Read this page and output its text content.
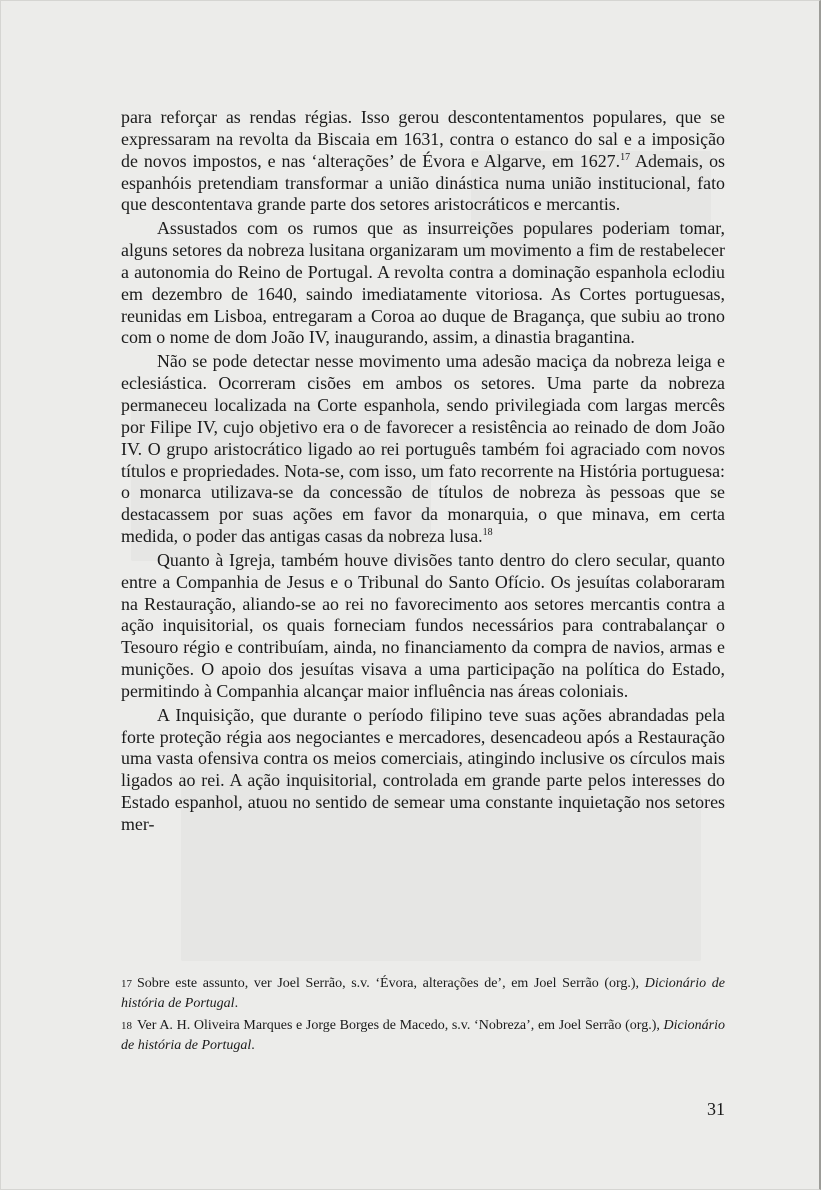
para reforçar as rendas régias. Isso gerou descontentamentos populares, que se expressaram na revolta da Biscaia em 1631, contra o estanco do sal e a imposição de novos impostos, e nas ‘alterações’ de Évora e Algarve, em 1627.17 Ademais, os espanhóis pretendiam transformar a união dinástica numa união institucional, fato que descontentava grande parte dos setores aristocráticos e mercantis.

Assustados com os rumos que as insurreições populares poderiam tomar, alguns setores da nobreza lusitana organizaram um movimento a fim de restabelecer a autonomia do Reino de Portugal. A revolta contra a dominação espanhola eclodiu em dezembro de 1640, saindo imediatamente vitoriosa. As Cortes portuguesas, reunidas em Lisboa, entregaram a Coroa ao duque de Bragança, que subiu ao trono com o nome de dom João IV, inaugurando, assim, a dinastia bragantina.

Não se pode detectar nesse movimento uma adesão maciça da nobreza leiga e eclesiástica. Ocorreram cisões em ambos os setores. Uma parte da nobreza permaneceu localizada na Corte espanhola, sendo privilegiada com largas mercês por Filipe IV, cujo objetivo era o de favorecer a resistência ao reinado de dom João IV. O grupo aristocrático ligado ao rei português também foi agraciado com novos títulos e propriedades. Nota-se, com isso, um fato recorrente na História portuguesa: o monarca utilizava-se da concessão de títulos de nobreza às pessoas que se destacassem por suas ações em favor da monarquia, o que minava, em certa medida, o poder das antigas casas da nobreza lusa.$^{18}$

Quanto à Igreja, também houve divisões tanto dentro do clero secular, quanto entre a Companhia de Jesus e o Tribunal do Santo Ofício. Os jesuítas colaboraram na Restauração, aliando-se ao rei no favorecimento aos setores mercantis contra a ação inquisitorial, os quais forneciam fundos necessários para contrabalançar o Tesouro régio e contribuíam, ainda, no financiamento da compra de navios, armas e munições. O apoio dos jesuítas visava a uma participação na política do Estado, permitindo à Companhia alcançar maior influência nas áreas coloniais.

A Inquisição, que durante o período filipino teve suas ações abrandadas pela forte proteção régia aos negociantes e mercadores, desencadeou após a Restauração uma vasta ofensiva contra os meios comerciais, atingindo inclusive os círculos mais ligados ao rei. A ação inquisitorial, controlada em grande parte pelos interesses do Estado espanhol, atuou no sentido de semear uma constante inquietação nos setores mer-

17 Sobre este assunto, ver Joel Serrão, s.v. ‘Évora, alterações de’, em Joel Serrão (org.), Dicionário de história de Portugal.
18 Ver A. H. Oliveira Marques e Jorge Borges de Macedo, s.v. ‘Nobreza’, em Joel Serrão (org.), Dicionário de história de Portugal.
31
